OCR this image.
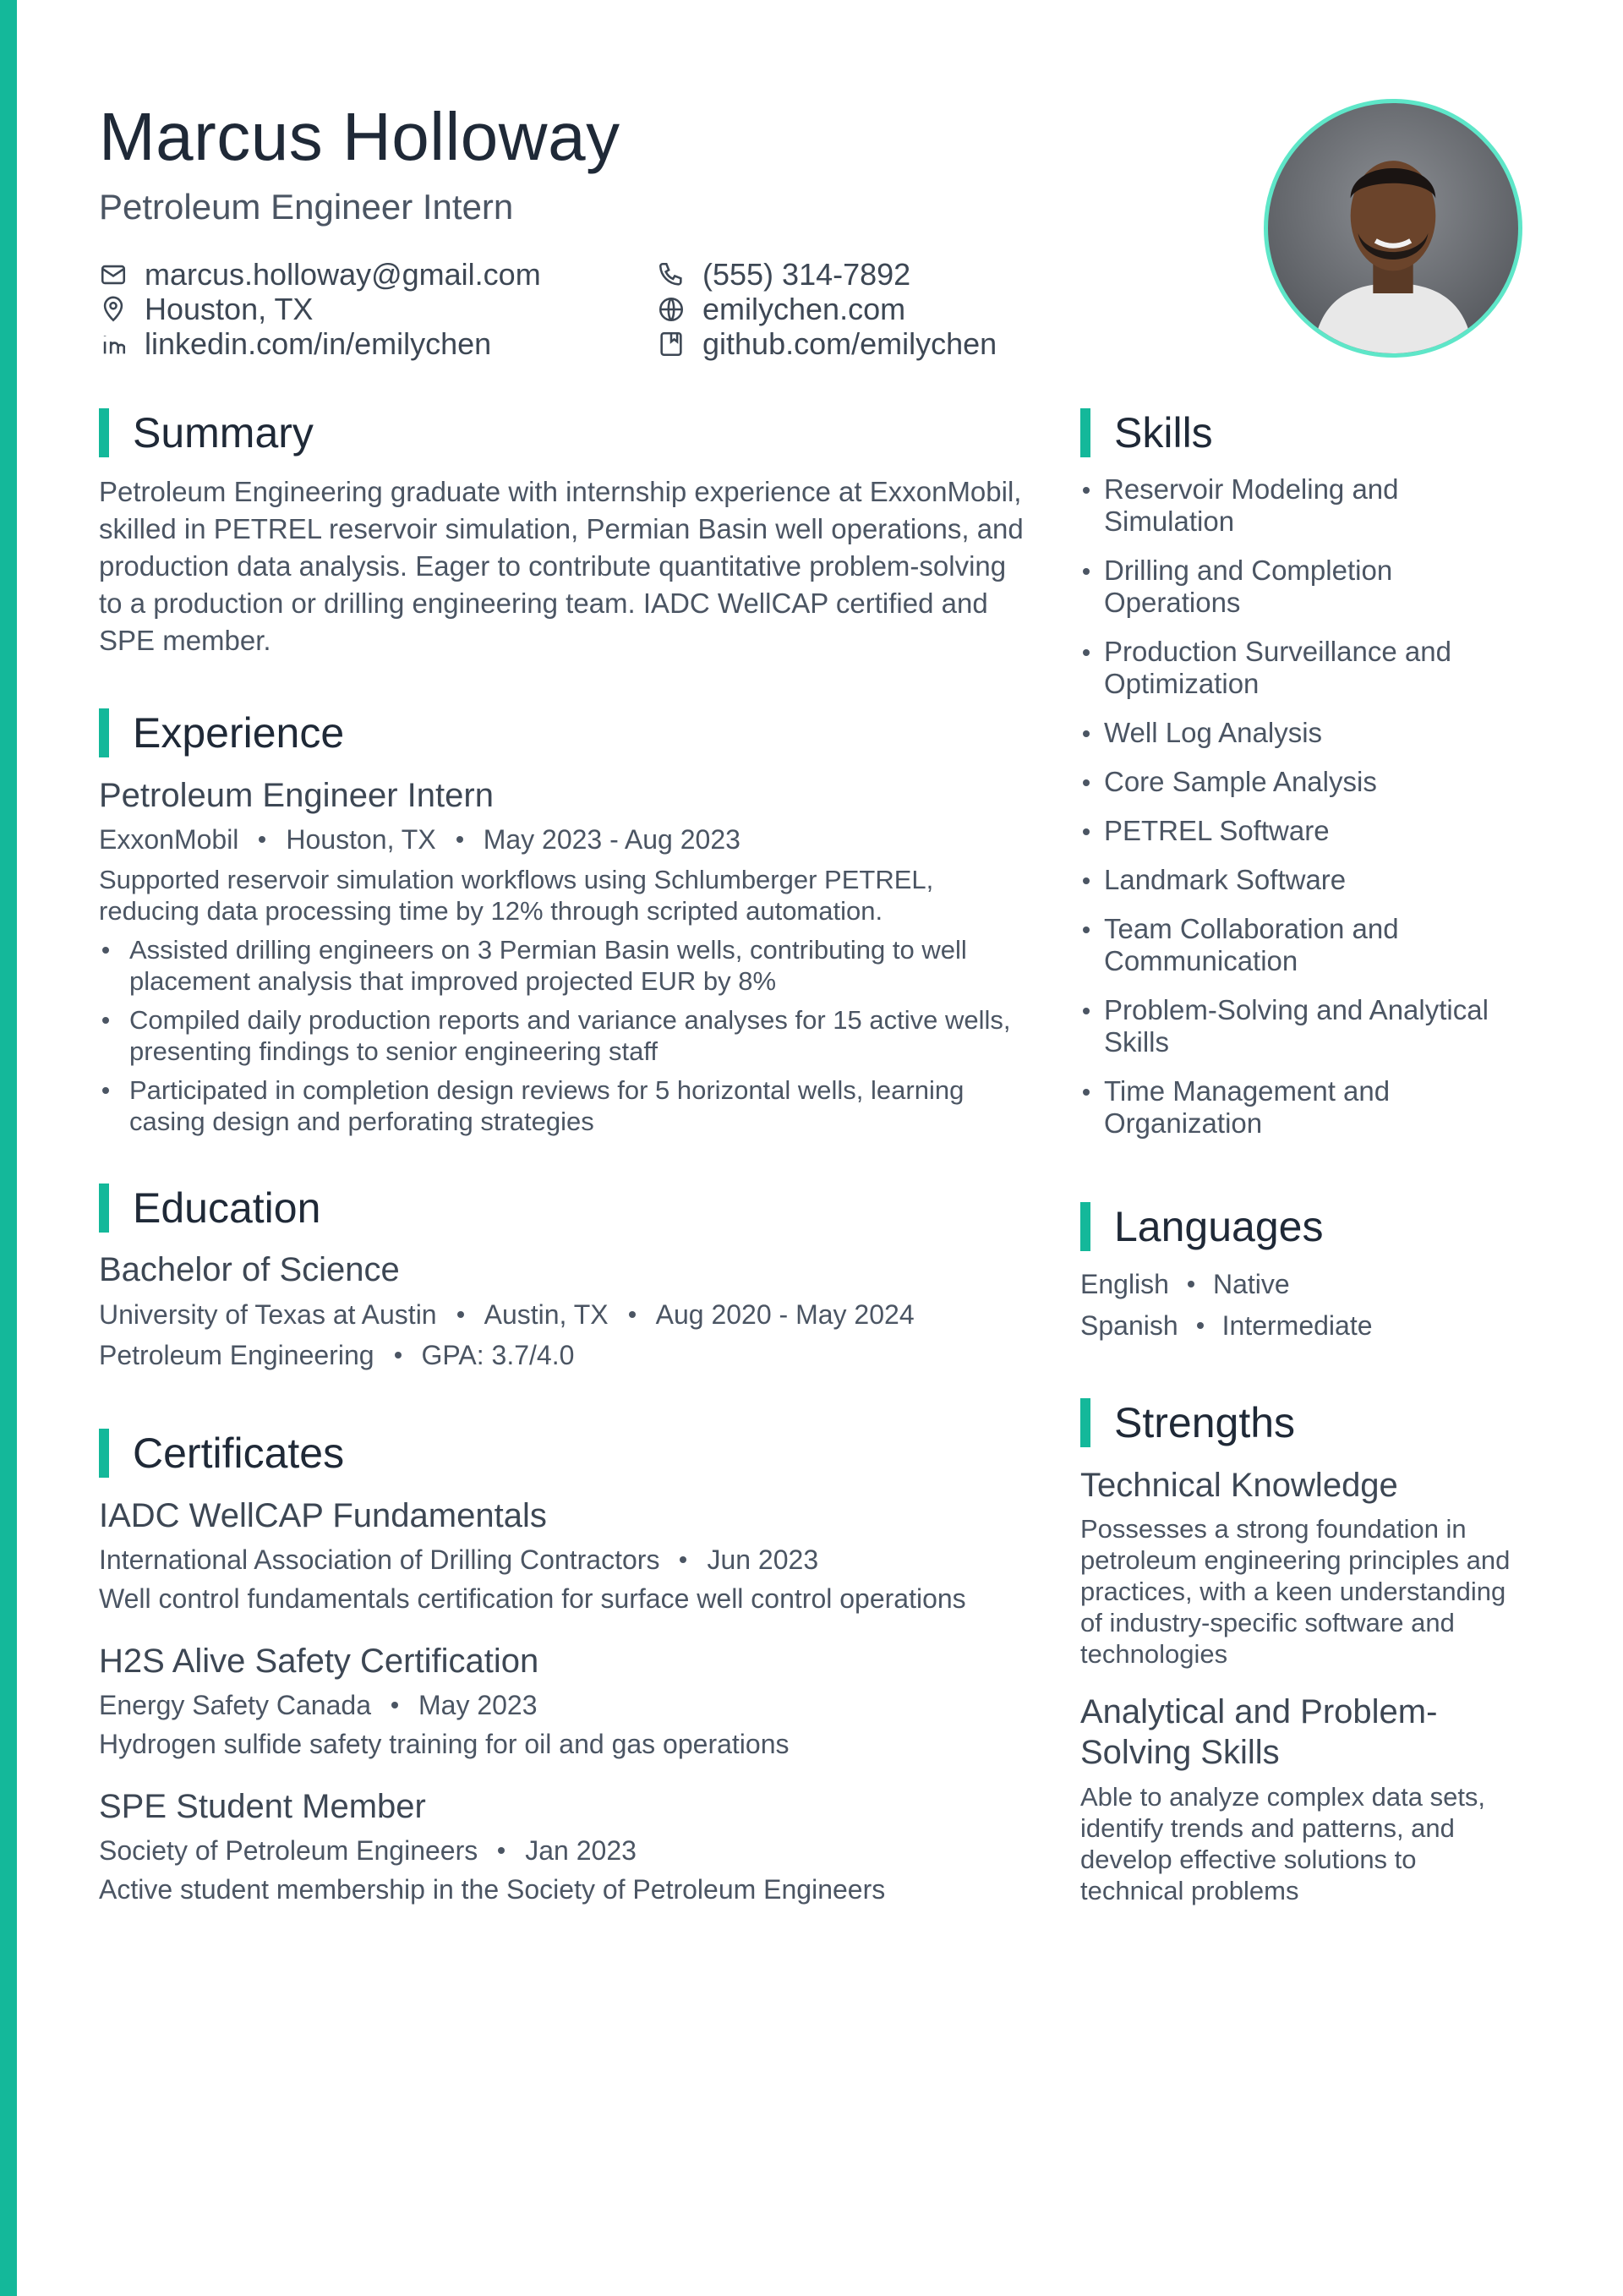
Marcus Holloway

Petroleum Engineer Intern

marcus.holloway@gmail.com	(555) 314-7892
Houston, TX	emilychen.com
linkedin.com/in/emilychen	github.com/emilychen
Summary

Petroleum Engineering graduate with internship experience at ExxonMobil, skilled in PETREL reservoir simulation, Permian Basin well operations, and production data analysis. Eager to contribute quantitative problem-solving to a production or drilling engineering team. IADC WellCAP certified and SPE member.

Experience

Petroleum Engineer Intern

ExxonMobil Houston, TX May 2023 - Aug 2023

Supported reservoir simulation workflows using Schlumberger PETREL, reducing data processing time by 12% through scripted automation.

Assisted drilling engineers on 3 Permian Basin wells, contributing to well placement analysis that improved projected EUR by 8%
Compiled daily production reports and variance analyses for 15 active wells, presenting findings to senior engineering staff
Participated in completion design reviews for 5 horizontal wells, learning casing design and perforating strategies
Education

Bachelor of Science

University of Texas at Austin Austin, TX Aug 2020 - May 2024

Petroleum Engineering GPA: 3.7/4.0

Certificates

IADC WellCAP Fundamentals

International Association of Drilling Contractors Jun 2023

Well control fundamentals certification for surface well control operations

H2S Alive Safety Certification

Energy Safety Canada May 2023

Hydrogen sulfide safety training for oil and gas operations

SPE Student Member

Society of Petroleum Engineers Jan 2023

Active student membership in the Society of Petroleum Engineers

Skills
Reservoir Modeling and Simulation
Drilling and Completion Operations
Production Surveillance and Optimization
Well Log Analysis
Core Sample Analysis
PETREL Software
Landmark Software
Team Collaboration and Communication
Problem-Solving and Analytical Skills
Time Management and Organization
Languages
English Native
Spanish Intermediate
Strengths

Technical Knowledge

Possesses a strong foundation in petroleum engineering principles and practices, with a keen understanding of industry-specific software and technologies

Analytical and Problem-Solving Skills

Able to analyze complex data sets, identify trends and patterns, and develop effective solutions to technical problems
